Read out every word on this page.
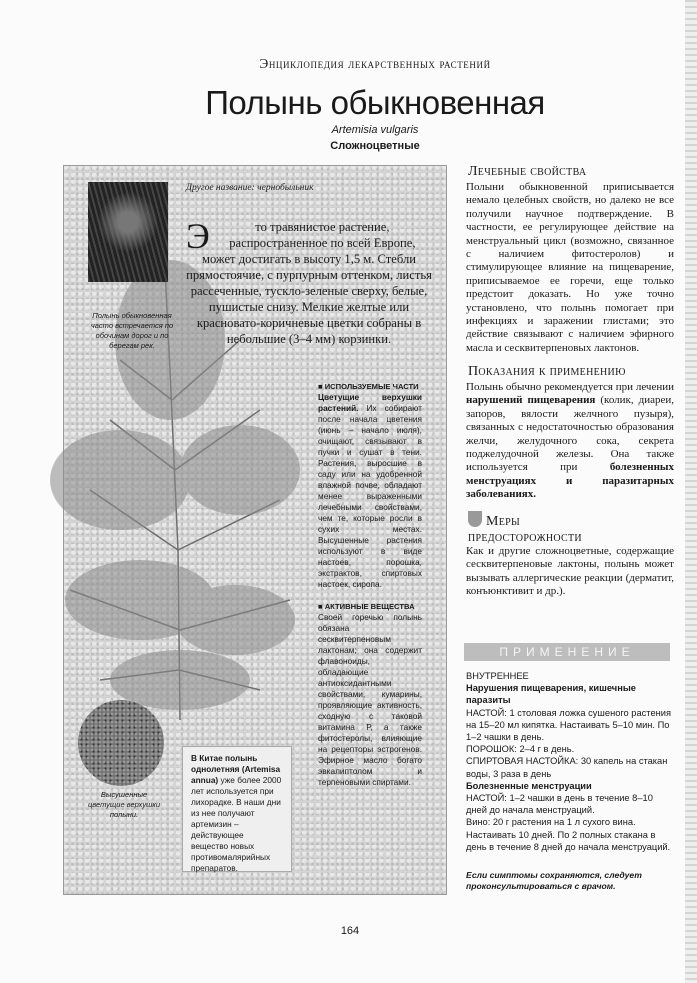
Энциклопедия лекарственных растений
Полынь обыкновенная
Artemisia vulgaris
Сложноцветные
Полынь обыкновенная часто встречается по обочинам дорог и по берегам рек.
Другое название: чернобыльник
Э	то травянистое растение, распространенное по всей Европе, может достигать в высоту 1,5 м. Стебли прямостоячие, с пурпурным оттенком, листья рассеченные, тускло-зеленые сверху, белые, пушистые снизу. Мелкие желтые или красновато-коричневые цветки собраны в небольшие (3–4 мм) корзинки.
■ ИСПОЛЬЗУЕМЫЕ ЧАСТИ
Цветущие верхушки растений. Их собирают после начала цветения (июнь – начало июля), очищают, связывают в пучки и сушат в тени. Растения, выросшие в саду или на удобренной влажной почве, обладают менее выраженными лечебными свойствами, чем те, которые росли в сухих местах. Высушенные растения используют в виде настоев, порошка, экстрактов, спиртовых настоек, сиропа.
■ АКТИВНЫЕ ВЕЩЕСТВА
Своей горечью полынь обязана сесквитерпеновым лактонам; она содержит флавоноиды, обладающие антиоксидантными свойствами, кумарины, проявляющие активность, сходную с таковой витамина Р, а также фитостеролы, влияющие на рецепторы эстрогенов. Эфирное масло богато эвкалиптолом и терпеновыми спиртами.
Высушенные цветущие верхушки полыни.
В Китае полынь однолетняя (Artemisa annua) уже более 2000 лет используется при лихорадке. В наши дни из нее получают артемизин – действующее вещество новых противомалярийных препаратов.
Лечебные свойства
Полыни обыкновенной приписывается немало целебных свойств, но далеко не все получили научное подтверждение. В частности, ее регулирующее действие на менструальный цикл (возможно, связанное с наличием фитостеролов) и стимулирующее влияние на пищеварение, приписываемое ее горечи, еще только предстоит доказать. Но уже точно установлено, что полынь помогает при инфекциях и заражении глистами; это действие связывают с наличием эфирного масла и сесквитерпеновых лактонов.
Показания к применению
Полынь обычно рекомендуется при лечении нарушений пищеварения (колик, диареи, запоров, вялости желчного пузыря), связанных с недостаточностью образования желчи, желудочного сока, секрета поджелудочной железы. Она также используется при болезненных менструациях и паразитарных заболеваниях.
Меры
предосторожности
Как и другие сложноцветные, содержащие сесквитерпеновые лактоны, полынь может вызывать аллергические реакции (дерматит, конъюнктивит и др.).
ПРИМЕНЕНИЕ
ВНУТРЕННЕЕ
Нарушения пищеварения, кишечные паразиты
НАСТОЙ: 1 столовая ложка сушеного растения на 15–20 мл кипятка. Настаивать 5–10 мин. По 1–2 чашки в день.
ПОРОШОК: 2–4 г в день.
СПИРТОВАЯ НАСТОЙКА: 30 капель на стакан воды, 3 раза в день
Болезненные менструации
НАСТОЙ: 1–2 чашки в день в течение 8–10 дней до начала менструаций.
Вино: 20 г растения на 1 л сухого вина. Настаивать 10 дней. По 2 полных стакана в день в течение 8 дней до начала менструаций.
Если симптомы сохраняются, следует проконсультироваться с врачом.
164
